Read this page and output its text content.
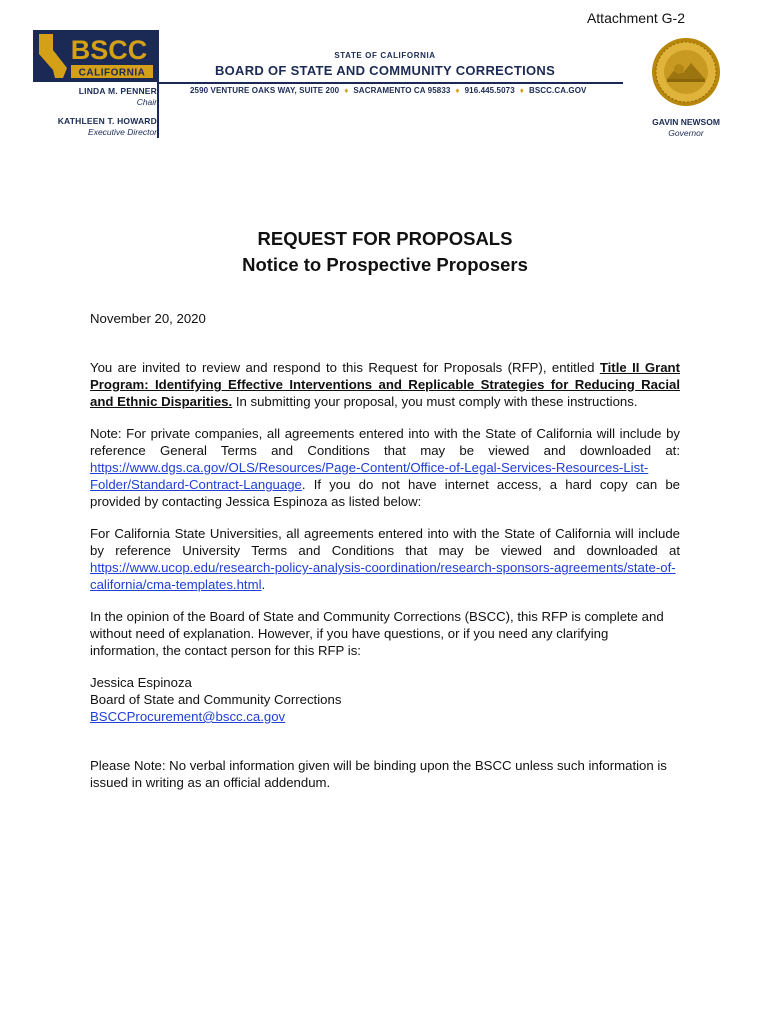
Attachment G-2
BSCC
CALIFORNIA
LINDA M. PENNER
Chair
KATHLEEN T. HOWARD
Executive Director
STATE OF CALIFORNIA
BOARD OF STATE AND COMMUNITY CORRECTIONS
2590 VENTURE OAKS WAY, SUITE 200 ♦ SACRAMENTO CA 95833 ♦ 916.445.5073 ♦ BSCC.CA.GOV
GAVIN NEWSOM
Governor
REQUEST FOR PROPOSALS
Notice to Prospective Proposers

November 20, 2020

You are invited to review and respond to this Request for Proposals (RFP), entitled Title II Grant Program: Identifying Effective Interventions and Replicable Strategies for Reducing Racial and Ethnic Disparities. In submitting your proposal, you must comply with these instructions.

Note: For private companies, all agreements entered into with the State of California will include by reference General Terms and Conditions that may be viewed and downloaded at: https://www.dgs.ca.gov/OLS/Resources/Page-Content/Office-of-Legal-Services-Resources-List-Folder/Standard-Contract-Language. If you do not have internet access, a hard copy can be provided by contacting Jessica Espinoza as listed below:

For California State Universities, all agreements entered into with the State of California will include by reference University Terms and Conditions that may be viewed and downloaded at https://www.ucop.edu/research-policy-analysis-coordination/research-sponsors-agreements/state-of-california/cma-templates.html.

In the opinion of the Board of State and Community Corrections (BSCC), this RFP is complete and without need of explanation. However, if you have questions, or if you need any clarifying information, the contact person for this RFP is:

Jessica Espinoza
Board of State and Community Corrections
BSCCProcurement@bscc.ca.gov

Please Note: No verbal information given will be binding upon the BSCC unless such information is issued in writing as an official addendum.
